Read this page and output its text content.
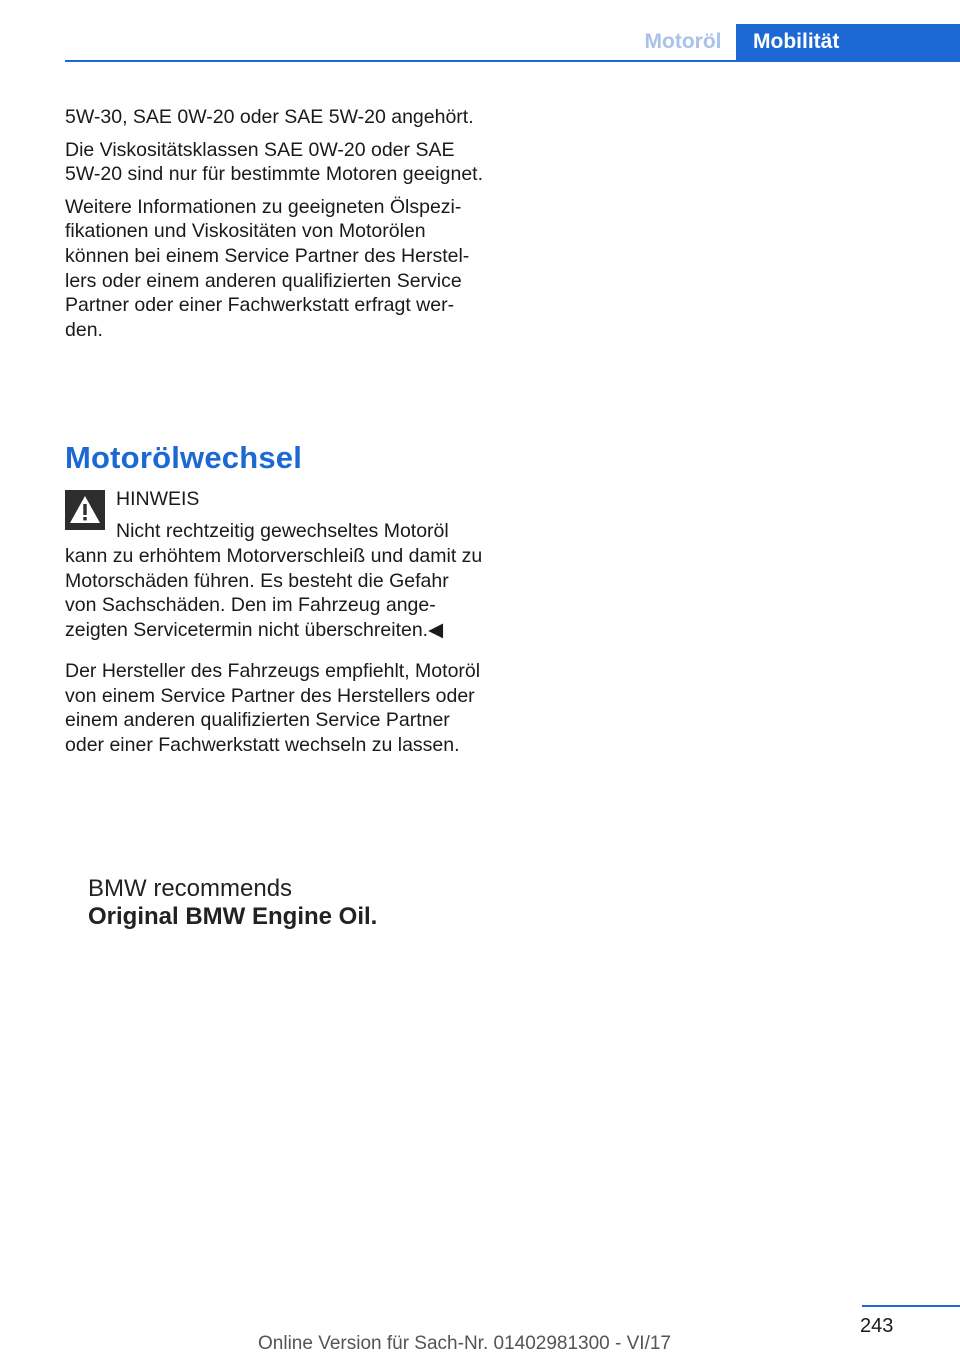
Motoröl	Mobilität

5W-30, SAE 0W-20 oder SAE 5W-20 angehört.

Die Viskositätsklassen SAE 0W-20 oder SAE 5W-20 sind nur für bestimmte Motoren geeignet.

Weitere Informationen zu geeigneten Ölspezifikationen und Viskositäten von Motorölen können bei einem Service Partner des Herstellers oder einem anderen qualifizierten Service Partner oder einer Fachwerkstatt erfragt werden.

Motorölwechsel
HINWEIS
Nicht rechtzeitig gewechseltes Motoröl
kann zu erhöhtem Motorverschleiß und damit zu Motorschäden führen. Es besteht die Gefahr von Sachschäden. Den im Fahrzeug angezeigten Servicetermin nicht überschreiten.◀
Der Hersteller des Fahrzeugs empfiehlt, Motoröl von einem Service Partner des Herstellers oder einem anderen qualifizierten Service Partner oder einer Fachwerkstatt wechseln zu lassen.
BMW recommends
Original BMW Engine Oil.
243
Online Version für Sach-Nr. 01402981300 - VI/17
